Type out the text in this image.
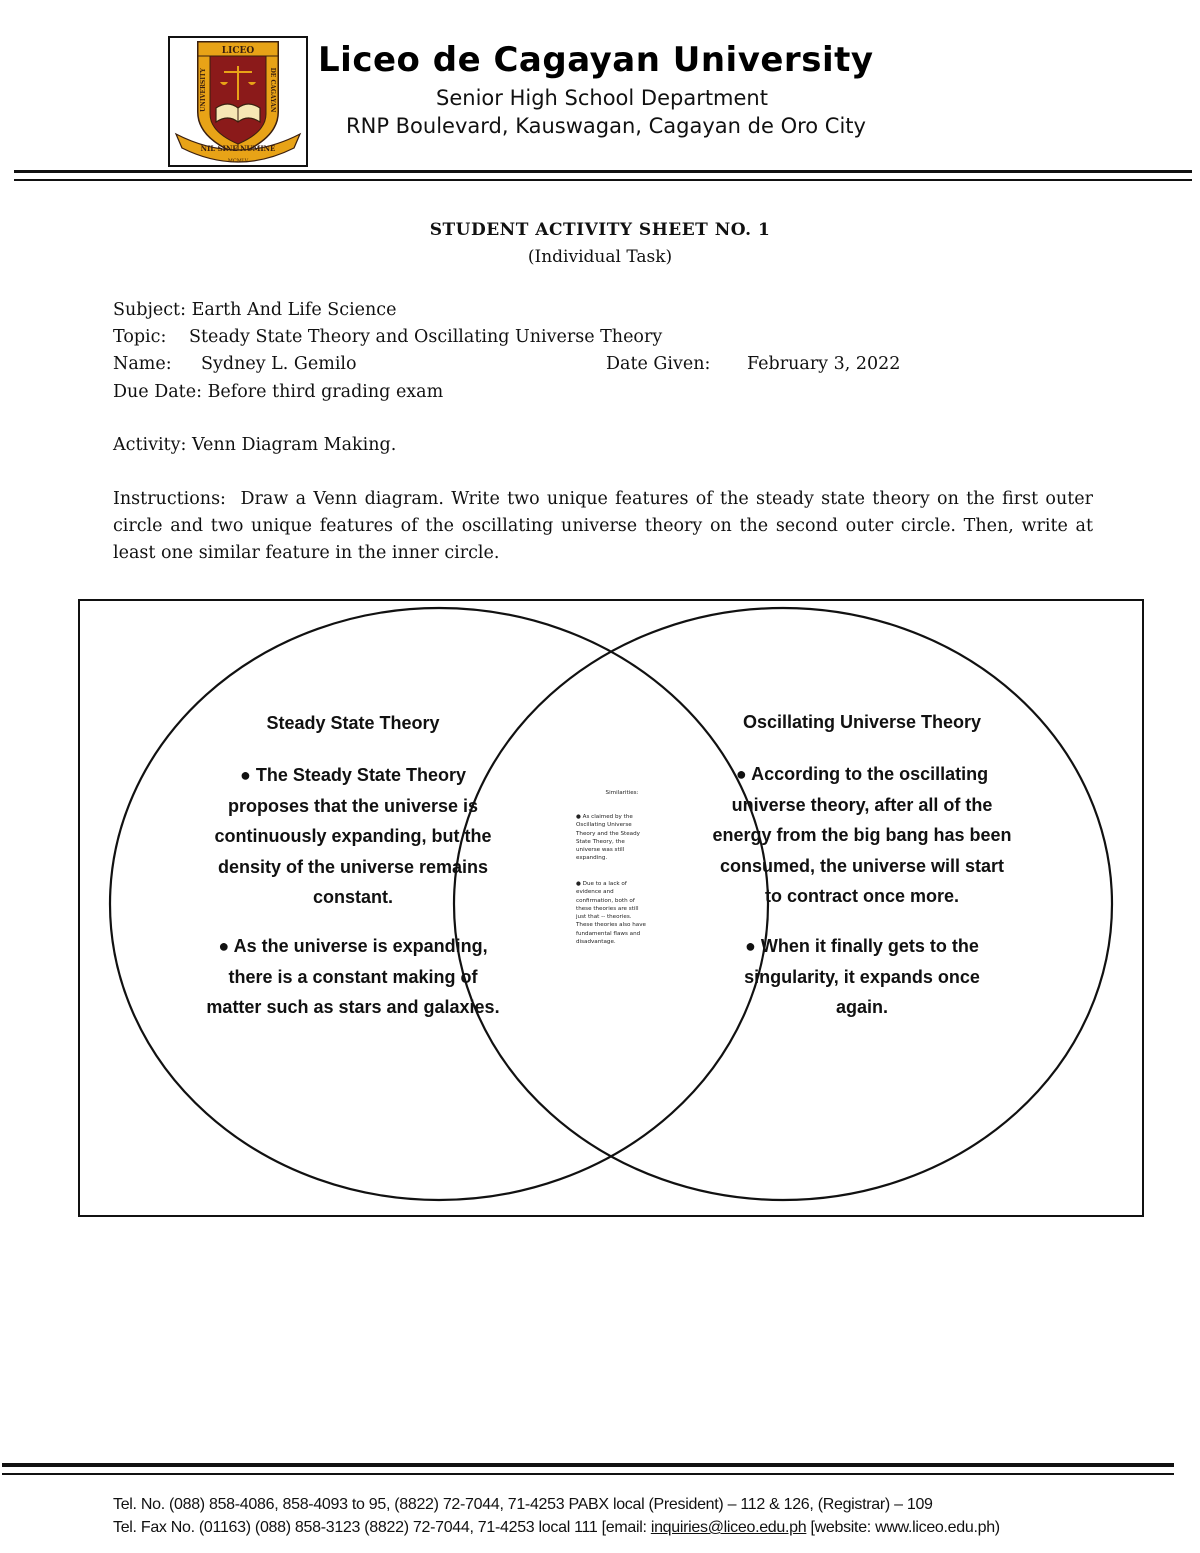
LICEO
NIL SINE NUMINE
UNIVERSITY	DE CAGAYAN
MCMLV
Liceo de Cagayan University
Senior High School Department
RNP Boulevard, Kauswagan, Cagayan de Oro City
STUDENT ACTIVITY SHEET NO. 1
(Individual Task)
Subject: Earth And Life Science
Topic: Steady State Theory and Oscillating Universe Theory
Name: Sydney L. Gemilo	Date Given: February 3, 2022
Due Date: Before third grading exam
Activity: Venn Diagram Making.
Instructions: Draw a Venn diagram. Write two unique features of the steady state theory on the first outer circle and two unique features of the oscillating universe theory on the second outer circle. Then, write at least one similar feature in the inner circle.
Steady State Theory
● The Steady State Theory proposes that the universe is continuously expanding, but the density of the universe remains constant.
● As the universe is expanding, there is a constant making of matter such as stars and galaxies.
Oscillating Universe Theory
● According to the oscillating universe theory, after all of the energy from the big bang has been consumed, the universe will start to contract once more.
● When it finally gets to the singularity, it expands once again.
Similarities:
● As claimed by the Oscillating Universe Theory and the Steady State Theory, the universe was still expanding.
● Due to a lack of evidence and confirmation, both of these theories are still just that -- theories. These theories also have fundamental flaws and disadvantage.
Tel. No. (088) 858-4086, 858-4093 to 95, (8822) 72-7044, 71-4253 PABX local (President) – 112 & 126, (Registrar) – 109
Tel. Fax No. (01163) (088) 858-3123 (8822) 72-7044, 71-4253 local 111 [email: inquiries@liceo.edu.ph [website: www.liceo.edu.ph)
